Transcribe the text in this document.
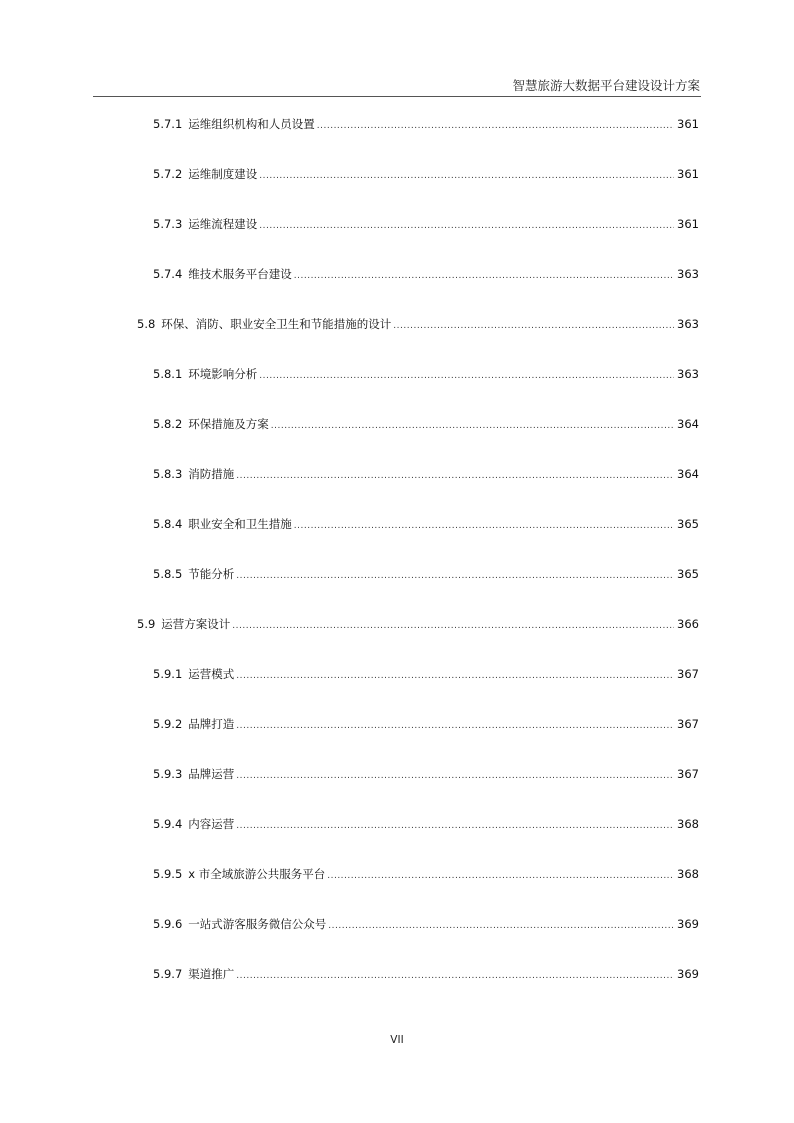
智慧旅游大数据平台建设设计方案
5.7.1 运维组织机构和人员设置 .....	361
5.7.2 运维制度建设 .....	361
5.7.3 运维流程建设 .....	361
5.7.4 维技术服务平台建设 .....	363
5.8 环保、消防、职业安全卫生和节能措施的设计 .....	363
5.8.1 环境影响分析 .....	363
5.8.2 环保措施及方案 .....	364
5.8.3 消防措施 .....	364
5.8.4 职业安全和卫生措施 .....	365
5.8.5 节能分析 .....	365
5.9 运营方案设计 .....	366
5.9.1 运营模式 .....	367
5.9.2 品牌打造 .....	367
5.9.3 品牌运营 .....	367
5.9.4 内容运营 .....	368
5.9.5 x 市全域旅游公共服务平台 .....	368
5.9.6 一站式游客服务微信公众号 .....	369
5.9.7 渠道推广 .....	369
VII
